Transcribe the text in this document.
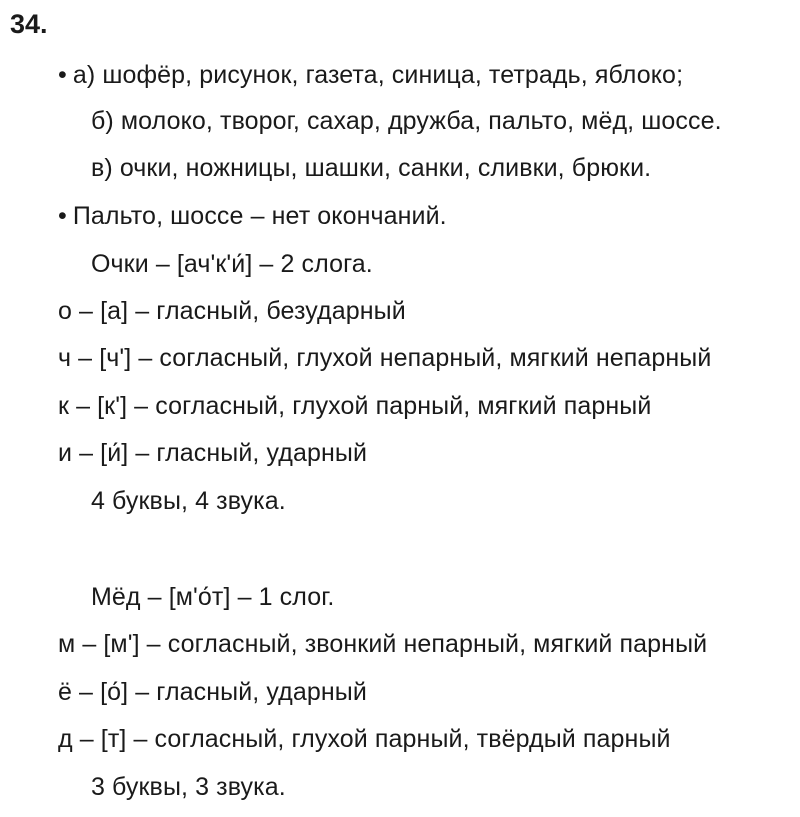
34.
• а) шофёр, рисунок, газета, синица, тетрадь, яблоко;
б) молоко, творог, сахар, дружба, пальто, мёд, шоссе.
в) очки, ножницы, шашки, санки, сливки, брюки.
• Пальто, шоссе – нет окончаний.
Очки – [ач'к'и́] – 2 слога.
о – [а] – гласный, безударный
ч – [ч'] – согласный, глухой непарный, мягкий непарный
к – [к'] – согласный, глухой парный, мягкий парный
и – [и́] – гласный, ударный
4 буквы, 4 звука.
Мёд – [м'о́т] – 1 слог.
м – [м'] – согласный, звонкий непарный, мягкий парный
ё – [о́] – гласный, ударный
д – [т] – согласный, глухой парный, твёрдый парный
3 буквы, 3 звука.
